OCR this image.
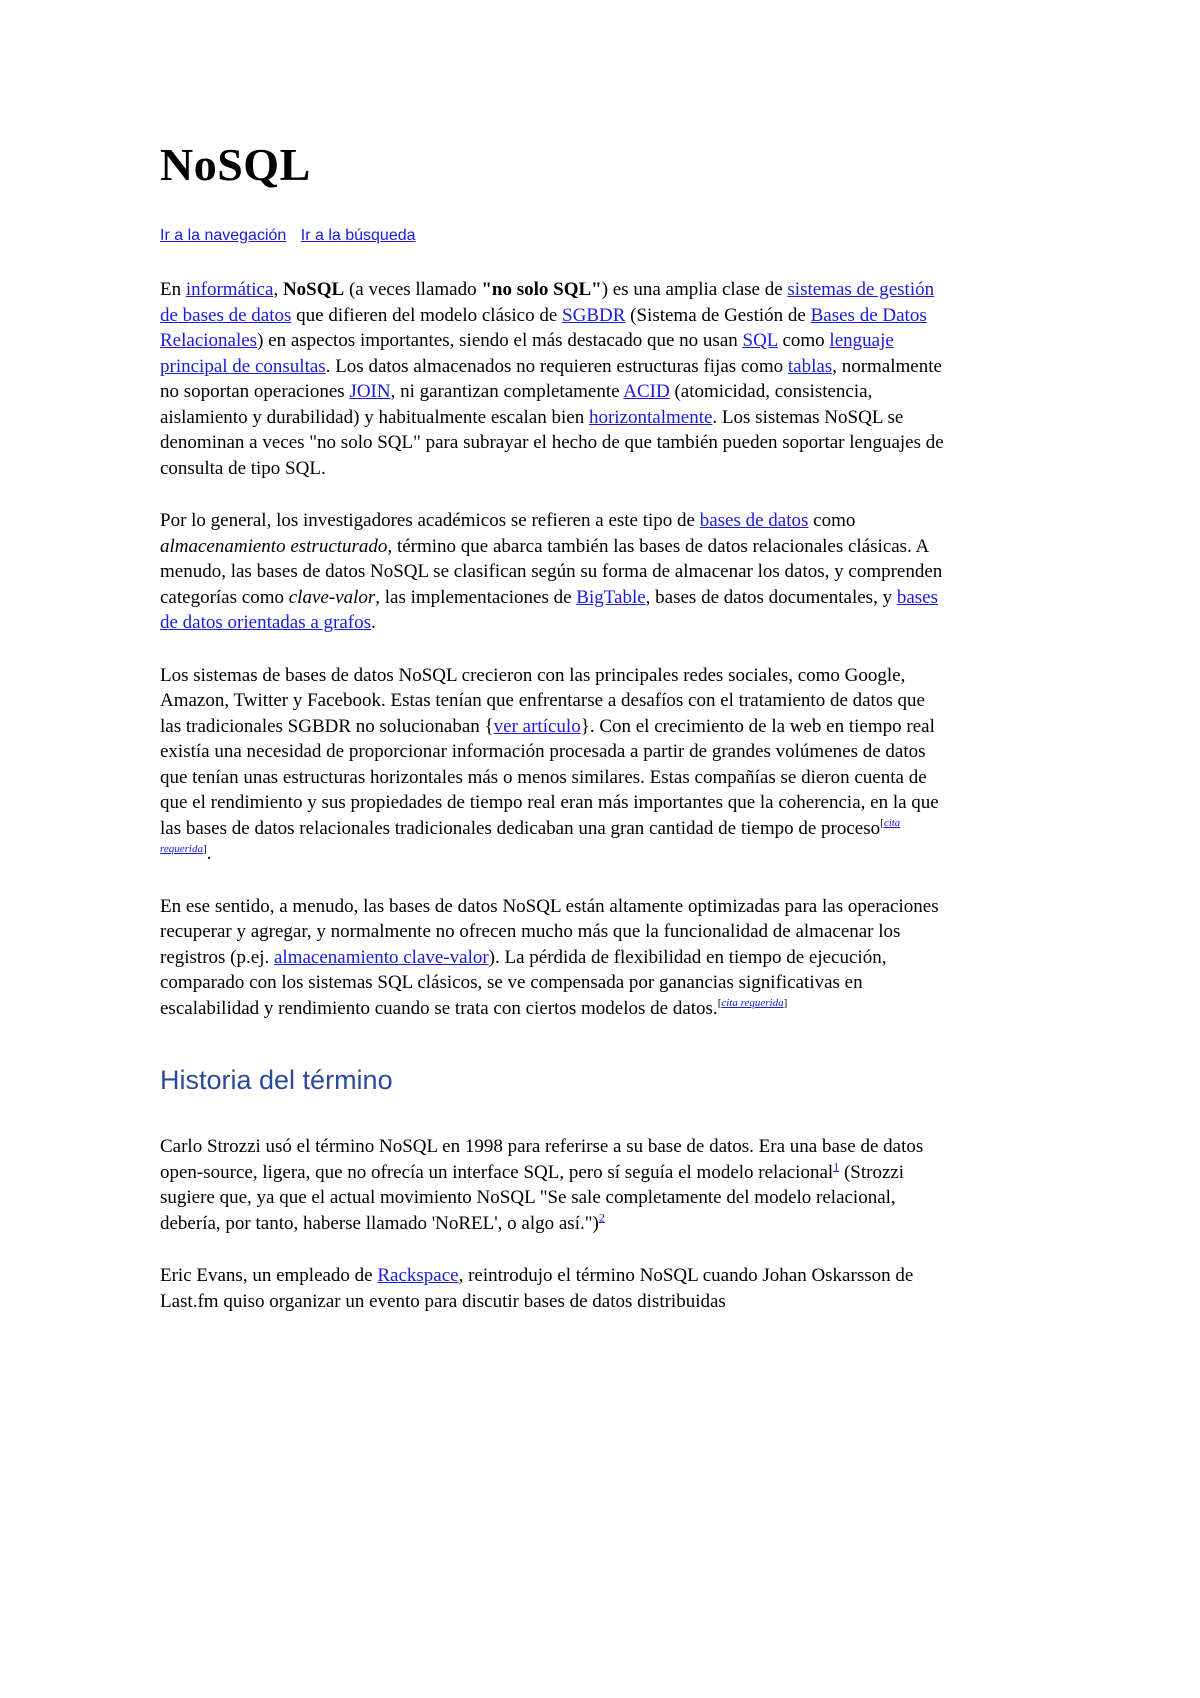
NoSQL
Ir a la navegación Ir a la búsqueda

En informática, NoSQL (a veces llamado "no solo SQL") es una amplia clase de sistemas de gestión de bases de datos que difieren del modelo clásico de SGBDR (Sistema de Gestión de Bases de Datos Relacionales) en aspectos importantes, siendo el más destacado que no usan SQL como lenguaje principal de consultas. Los datos almacenados no requieren estructuras fijas como tablas, normalmente no soportan operaciones JOIN, ni garantizan completamente ACID (atomicidad, consistencia, aislamiento y durabilidad) y habitualmente escalan bien horizontalmente. Los sistemas NoSQL se denominan a veces "no solo SQL" para subrayar el hecho de que también pueden soportar lenguajes de consulta de tipo SQL.

Por lo general, los investigadores académicos se refieren a este tipo de bases de datos como almacenamiento estructurado, término que abarca también las bases de datos relacionales clásicas. A menudo, las bases de datos NoSQL se clasifican según su forma de almacenar los datos, y comprenden categorías como clave-valor, las implementaciones de BigTable, bases de datos documentales, y bases de datos orientadas a grafos.

Los sistemas de bases de datos NoSQL crecieron con las principales redes sociales, como Google, Amazon, Twitter y Facebook. Estas tenían que enfrentarse a desafíos con el tratamiento de datos que las tradicionales SGBDR no solucionaban {ver artículo}. Con el crecimiento de la web en tiempo real existía una necesidad de proporcionar información procesada a partir de grandes volúmenes de datos que tenían unas estructuras horizontales más o menos similares. Estas compañías se dieron cuenta de que el rendimiento y sus propiedades de tiempo real eran más importantes que la coherencia, en la que las bases de datos relacionales tradicionales dedicaban una gran cantidad de tiempo de proceso[cita requerida].

En ese sentido, a menudo, las bases de datos NoSQL están altamente optimizadas para las operaciones recuperar y agregar, y normalmente no ofrecen mucho más que la funcionalidad de almacenar los registros (p.ej. almacenamiento clave-valor). La pérdida de flexibilidad en tiempo de ejecución, comparado con los sistemas SQL clásicos, se ve compensada por ganancias significativas en escalabilidad y rendimiento cuando se trata con ciertos modelos de datos.[cita requerida]

Historia del término

Carlo Strozzi usó el término NoSQL en 1998 para referirse a su base de datos. Era una base de datos open-source, ligera, que no ofrecía un interface SQL, pero sí seguía el modelo relacional$^1$ (Strozzi sugiere que, ya que el actual movimiento NoSQL "Se sale completamente del modelo relacional, debería, por tanto, haberse llamado 'NoREL', o algo así.")$^2$

Eric Evans, un empleado de Rackspace, reintrodujo el término NoSQL cuando Johan Oskarsson de Last.fm quiso organizar un evento para discutir bases de datos distribuidas
